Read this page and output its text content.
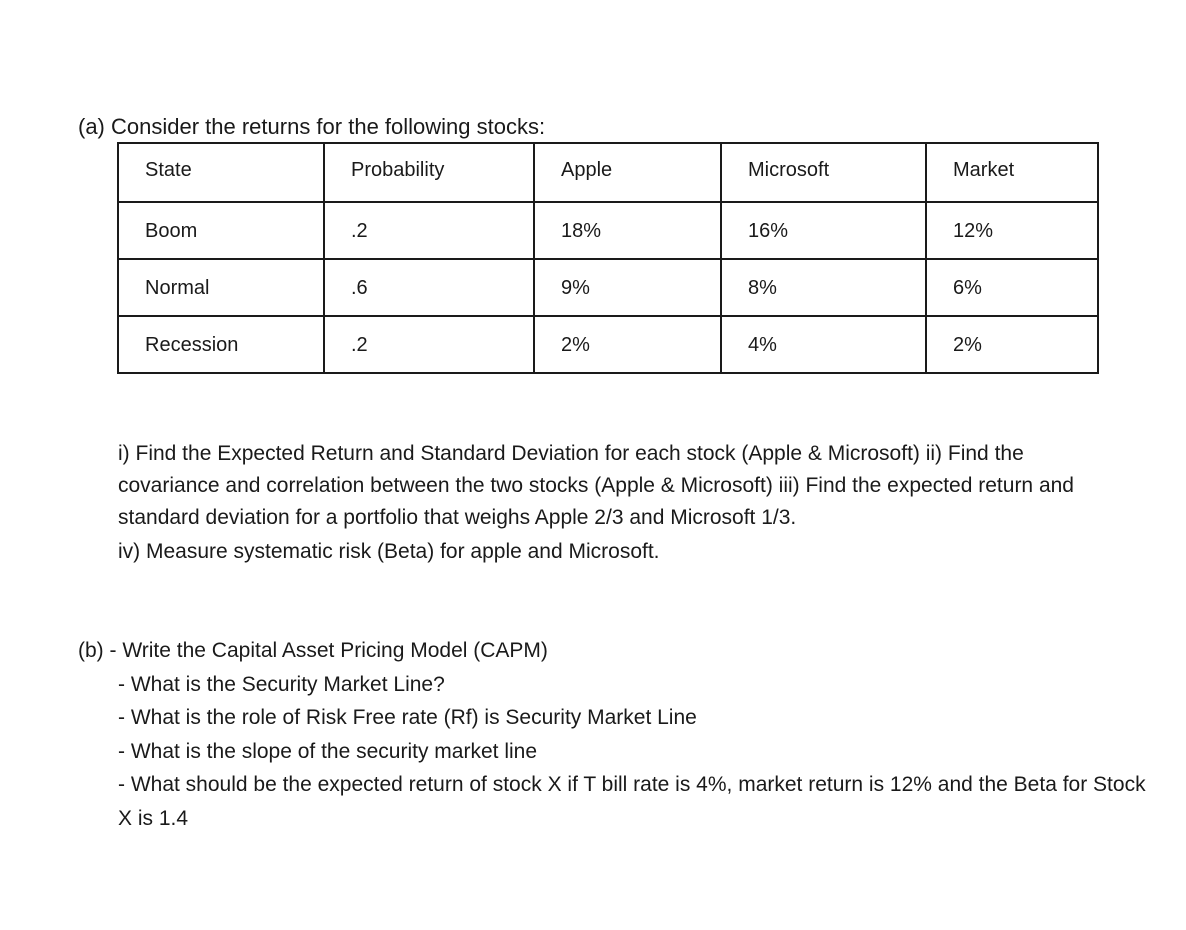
(a) Consider the returns for the following stocks:
State	Probability	Apple	Microsoft	Market
Boom	.2	18%	16%	12%
Normal	.6	9%	8%	6%
Recession	.2	2%	4%	2%

i) Find the Expected Return and Standard Deviation for each stock (Apple & Microsoft) ii) Find the covariance and correlation between the two stocks (Apple & Microsoft) iii) Find the expected return and standard deviation for a portfolio that weighs Apple 2/3 and Microsoft 1/3.

iv) Measure systematic risk (Beta) for apple and Microsoft.

(b) - Write the Capital Asset Pricing Model (CAPM)

- What is the Security Market Line?

- What is the role of Risk Free rate (Rf) is Security Market Line

- What is the slope of the security market line

- What should be the expected return of stock X if T bill rate is 4%, market return is 12% and the Beta for Stock X is 1.4
